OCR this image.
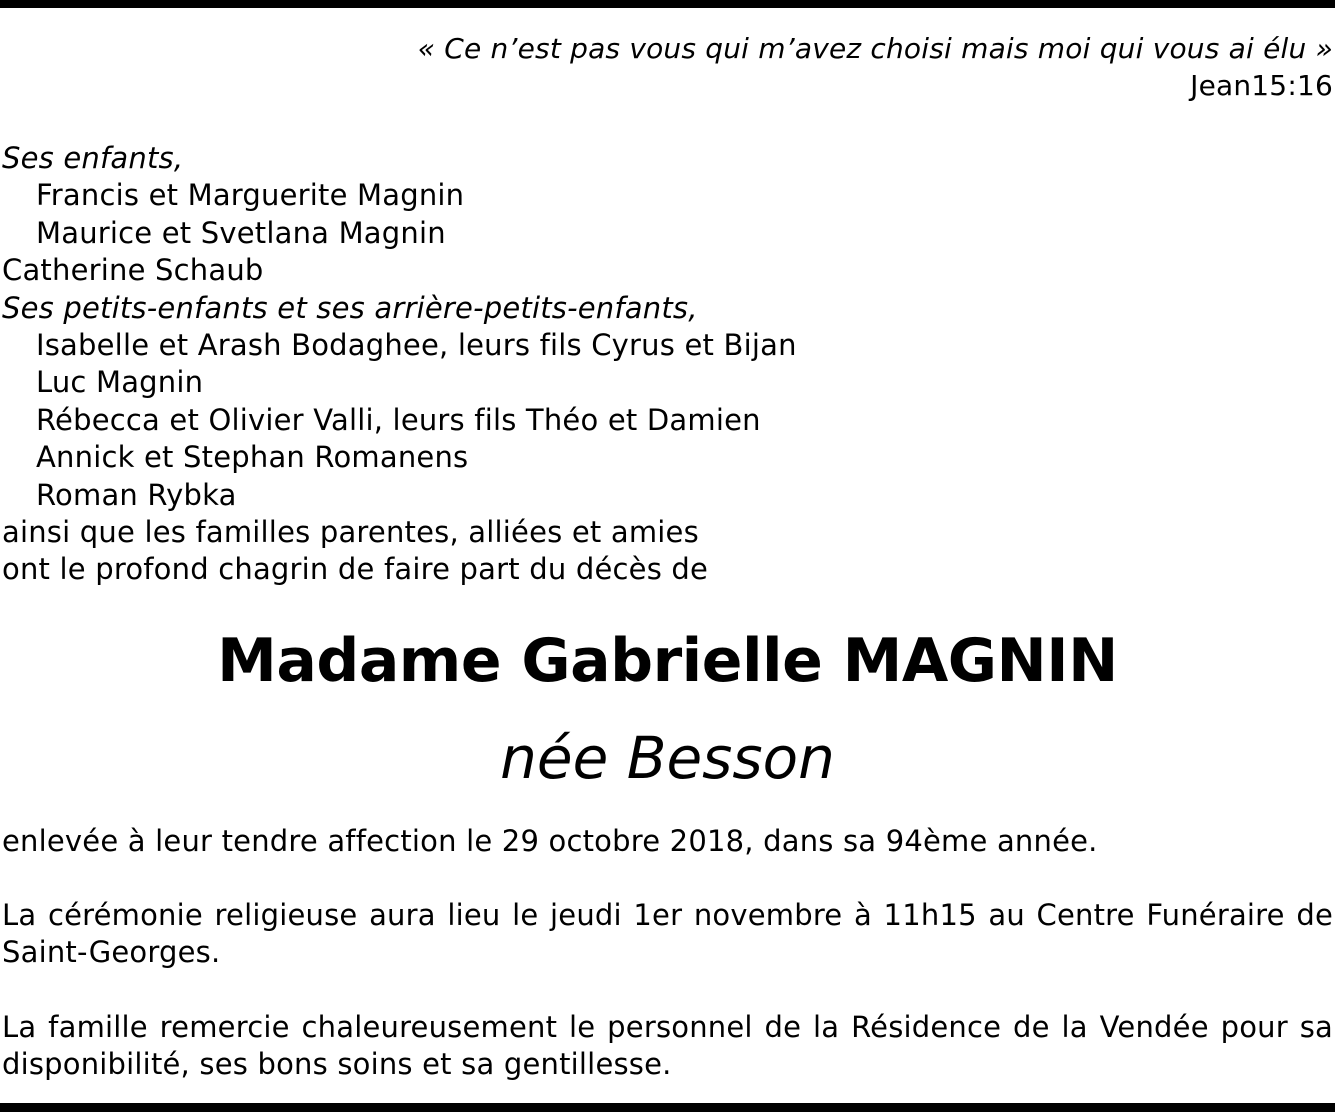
« Ce n’est pas vous qui m’avez choisi mais moi qui vous ai élu »
Jean15:16
Ses enfants,
Francis et Marguerite Magnin
Maurice et Svetlana Magnin
Catherine Schaub
Ses petits-enfants et ses arrière-petits-enfants,
Isabelle et Arash Bodaghee, leurs fils Cyrus et Bijan
Luc Magnin
Rébecca et Olivier Valli, leurs fils Théo et Damien
Annick et Stephan Romanens
Roman Rybka
ainsi que les familles parentes, alliées et amies
ont le profond chagrin de faire part du décès de
Madame Gabrielle MAGNIN
née Besson
enlevée à leur tendre affection le 29 octobre 2018, dans sa 94ème année.
La cérémonie religieuse aura lieu le jeudi 1er novembre à 11h15 au Centre Funéraire de Saint-Georges.
La famille remercie chaleureusement le personnel de la Résidence de la Vendée pour sa disponibilité, ses bons soins et sa gentillesse.
